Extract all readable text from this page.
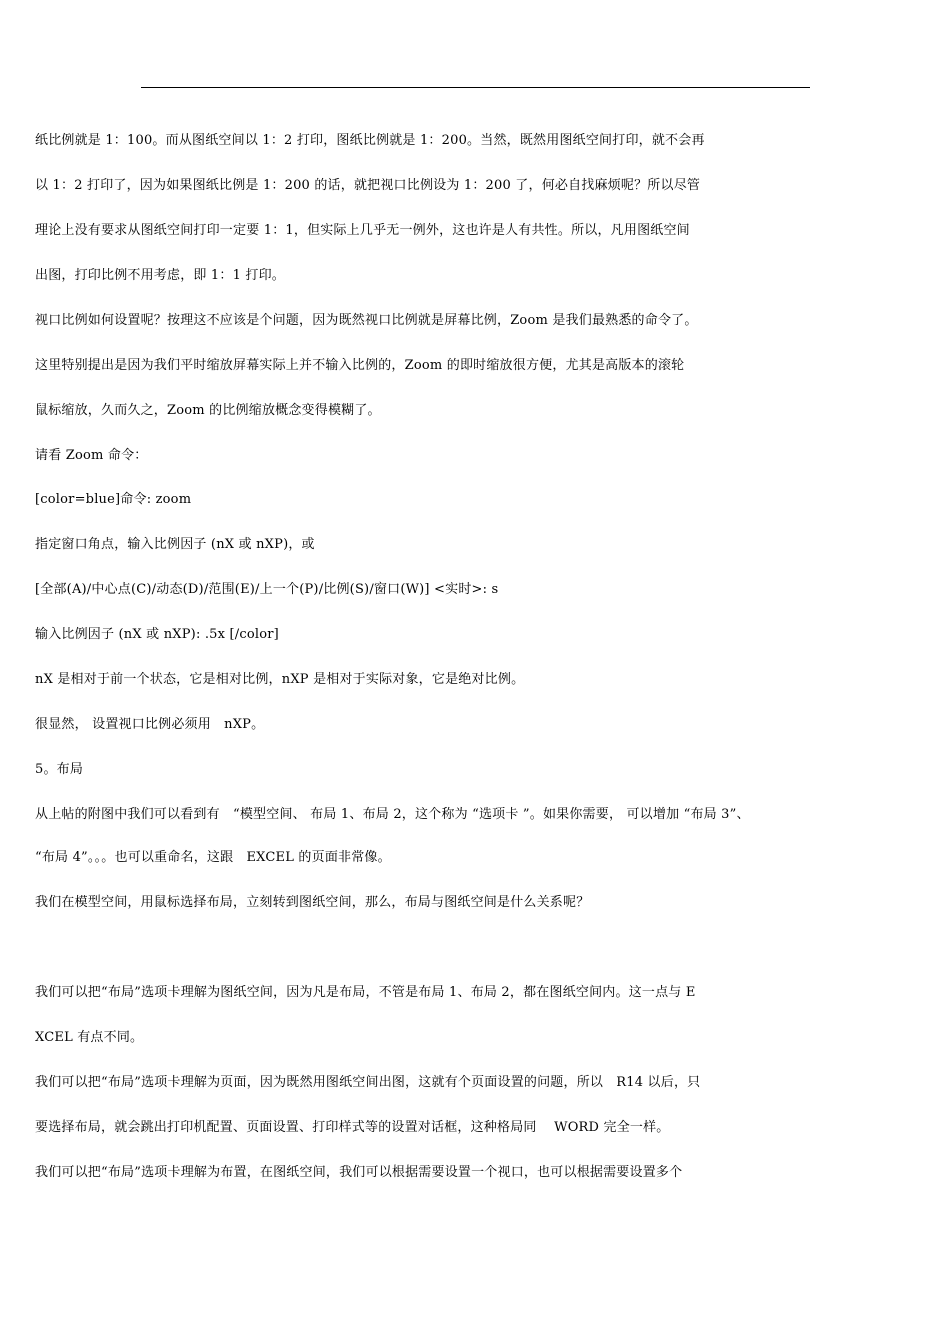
纸比例就是 1：100。而从图纸空间以 1：2 打印，图纸比例就是 1：200。当然，既然用图纸空间打印，就不会再
以 1：2 打印了，因为如果图纸比例是 1：200 的话，就把视口比例设为 1：200 了，何必自找麻烦呢？所以尽管
理论上没有要求从图纸空间打印一定要 1：1，但实际上几乎无一例外，这也许是人有共性。所以，凡用图纸空间
出图，打印比例不用考虑，即 1：1 打印。
视口比例如何设置呢？按理这不应该是个问题，因为既然视口比例就是屏幕比例，Zoom 是我们最熟悉的命令了。
这里特别提出是因为我们平时缩放屏幕实际上并不输入比例的，Zoom 的即时缩放很方便，尤其是高版本的滚轮
鼠标缩放，久而久之，Zoom 的比例缩放概念变得模糊了。
请看 Zoom 命令：
[color=blue]命令: zoom
指定窗口角点，输入比例因子 (nX 或 nXP)，或
[全部(A)/中心点(C)/动态(D)/范围(E)/上一个(P)/比例(S)/窗口(W)] <实时>: s
输入比例因子 (nX 或 nXP): .5x [/color]
nX 是相对于前一个状态，它是相对比例，nXP 是相对于实际对象，它是绝对比例。
很显然， 设置视口比例必须用　nXP。
5。布局
从上帖的附图中我们可以看到有　“模型空间、 布局 1、布局 2，这个称为 “选项卡 ”。如果你需要， 可以增加 “布局 3”、
“布局 4”。。。也可以重命名，这跟　EXCEL 的页面非常像。
我们在模型空间，用鼠标选择布局，立刻转到图纸空间，那么，布局与图纸空间是什么关系呢？
我们可以把“布局”选项卡理解为图纸空间，因为凡是布局，不管是布局 1、布局 2，都在图纸空间内。这一点与 E
XCEL 有点不同。
我们可以把“布局”选项卡理解为页面，因为既然用图纸空间出图，这就有个页面设置的问题，所以　R14 以后，只
要选择布局，就会跳出打印机配置、页面设置、打印样式等的设置对话框，这种格局同　 WORD 完全一样。
我们可以把“布局”选项卡理解为布置，在图纸空间，我们可以根据需要设置一个视口，也可以根据需要设置多个
